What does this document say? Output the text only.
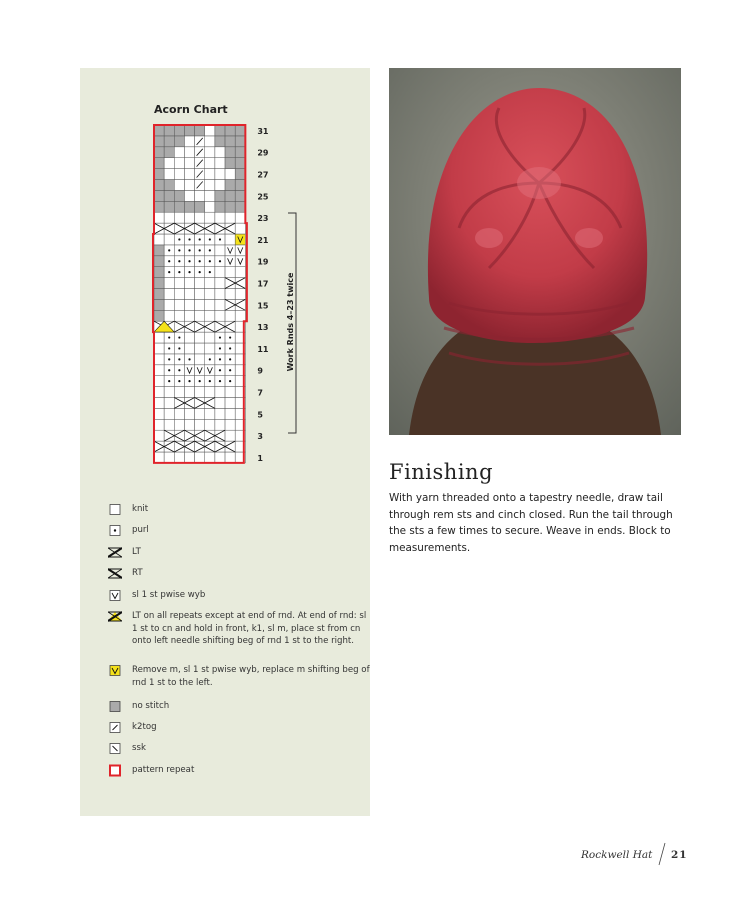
Acorn Chart
31
29
27
25
23
21
19
17
15
13
11
9
7
5
3
1
Work Rnds 4–23 twice
knit
purl
LT
RT
sl 1 st pwise wyb
LT on all repeats except at end of rnd. At end of rnd: sl 1 st to cn and hold in front, k1, sl m, place st from cn onto left needle shifting beg of rnd 1 st to the right.
Remove m, sl 1 st pwise wyb, replace m shifting beg of rnd 1 st to the left.
no stitch
k2tog
ssk
pattern repeat
Finishing
With yarn threaded onto a tapestry needle, draw tail through rem sts and cinch closed. Run the tail through the sts a few times to secure. Weave in ends. Block to measurements.
Rockwell Hat 21
